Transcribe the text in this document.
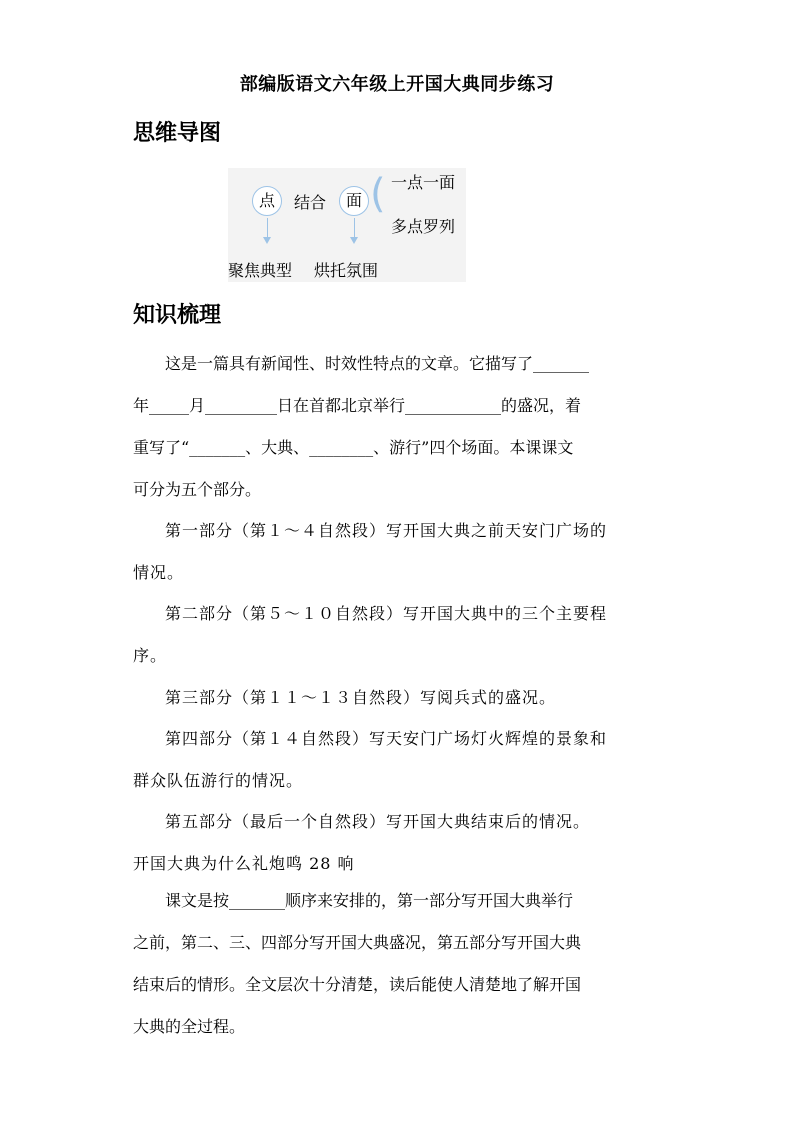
部编版语文六年级上开国大典同步练习
思维导图
点	结合	面 ( 一点一面
多点罗列
聚焦典型 烘托氛围
知识梳理
这是一篇具有新闻性、时效性特点的文章。它描写了_______
年_____月_________日在首都北京举行____________的盛况，着
重写了“_______、大典、________、游行”四个场面。本课课文
可分为五个部分。
第一部分（第１～４自然段）写开国大典之前天安门广场的
情况。
第二部分（第５～１０自然段）写开国大典中的三个主要程
序。
第三部分（第１１～１３自然段）写阅兵式的盛况。
第四部分（第１４自然段）写天安门广场灯火辉煌的景象和
群众队伍游行的情况。
第五部分（最后一个自然段）写开国大典结束后的情况。
开国大典为什么礼炮鸣 28 响
课文是按_______顺序来安排的，第一部分写开国大典举行
之前，第二、三、四部分写开国大典盛况，第五部分写开国大典
结束后的情形。全文层次十分清楚，读后能使人清楚地了解开国
大典的全过程。
